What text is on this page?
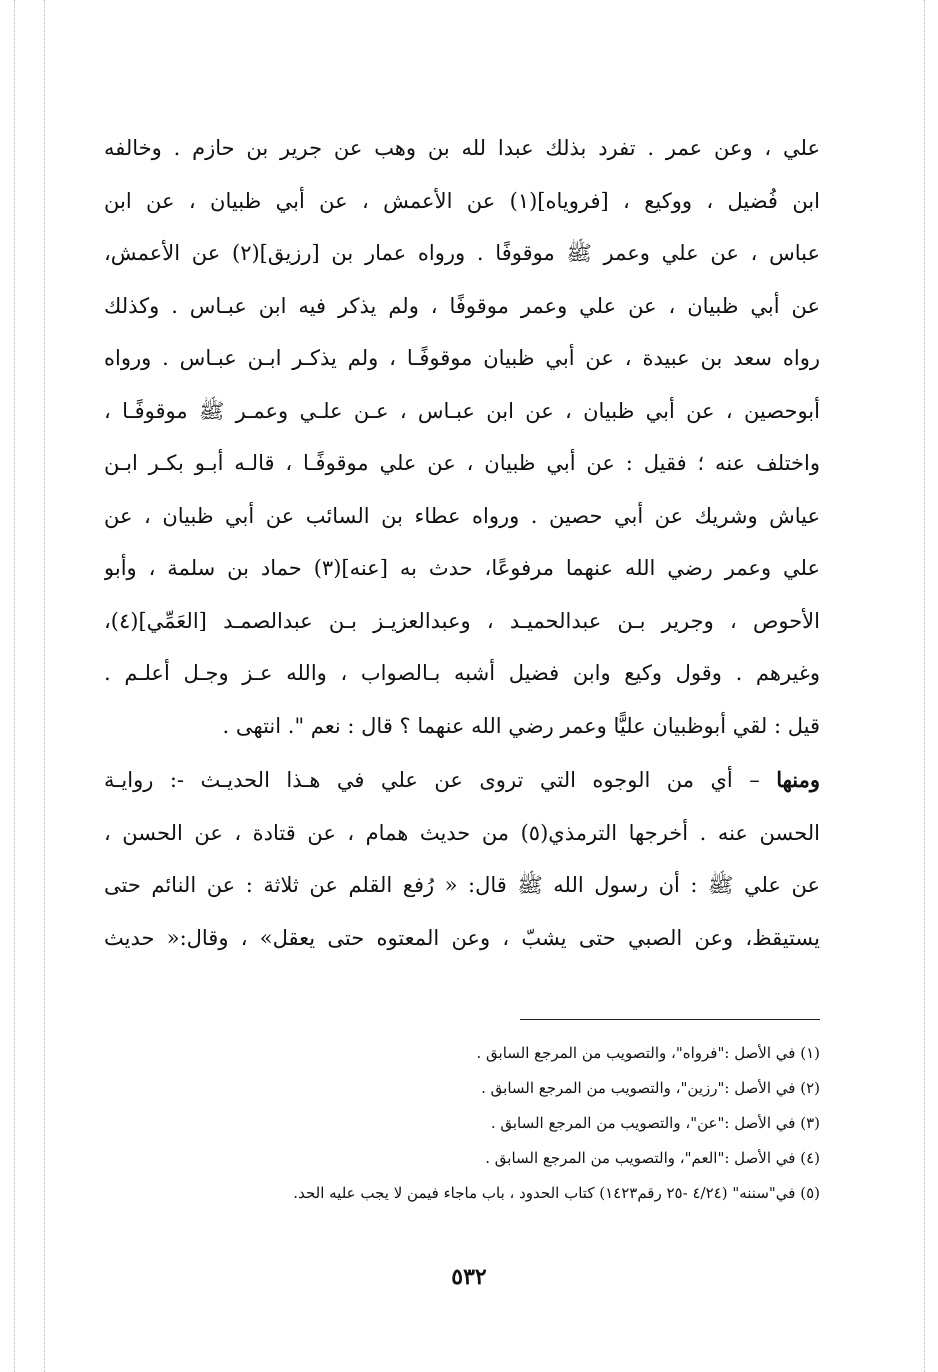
علي ، وعن عمر . تفرد بذلك عبدا لله بن وهب عن جرير بن حازم . وخالفه
ابن فُضيل ، ووكيع ، [فروياه](١) عن الأعمش ، عن أبي ظبيان ، عن ابن
عباس ، عن علي وعمر ﷺ موقوفًا . ورواه عمار بن [رزيق](٢) عن الأعمش،
عن أبي ظبيان ، عن علي وعمر موقوفًا ، ولم يذكر فيه ابن عبـاس . وكذلك
رواه سعد بن عبيدة ، عن أبي ظبيان موقوفًـا ، ولم يذكـر ابـن عبـاس . ورواه
أبوحصين ، عن أبي ظبيان ، عن ابن عبـاس ، عـن علـي وعمـر ﷺ موقوفًـا ،
واختلف عنه ؛ فقيل : عن أبي ظبيان ، عن علي موقوفًـا ، قالـه أبـو بكـر ابـن
عياش وشريك عن أبي حصين . ورواه عطاء بن السائب عن أبي ظبيان ، عن
علي وعمر رضي الله عنهما مرفوعًا، حدث به [عنه](٣) حماد بن سلمة ، وأبو
الأحوص ، وجرير بـن عبدالحميـد ، وعبدالعزيـز بـن عبدالصمـد [العَمِّي](٤)،
وغيرهم . وقول وكيع وابن فضيل أشبه بـالصواب ، والله عـز وجـل أعلـم .
قيل : لقي أبوظبيان عليًّا وعمر رضي الله عنهما ؟ قال : نعم ". انتهى .
ومنها – أي من الوجوه التي تروى عن علي في هـذا الحديـث -: روايـة
الحسن عنه . أخرجها الترمذي(٥) من حديث همام ، عن قتادة ، عن الحسن ،
عن علي ﷺ : أن رسول الله ﷺ قال: « رُفع القلم عن ثلاثة : عن النائم حتى
يستيقظ، وعن الصبي حتى يشبّ ، وعن المعتوه حتى يعقل» ، وقال:« حديث
(١) في الأصل :"فرواه"، والتصويب من المرجع السابق .
(٢) في الأصل :"رزين"، والتصويب من المرجع السابق .
(٣) في الأصل :"عن"، والتصويب من المرجع السابق .
(٤) في الأصل :"العم"، والتصويب من المرجع السابق .
(٥) في"سننه" (٤/٢٤ -٢٥ رقم١٤٢٣) كتاب الحدود ، باب ماجاء فيمن لا يجب عليه الحد.
٥٣٢
